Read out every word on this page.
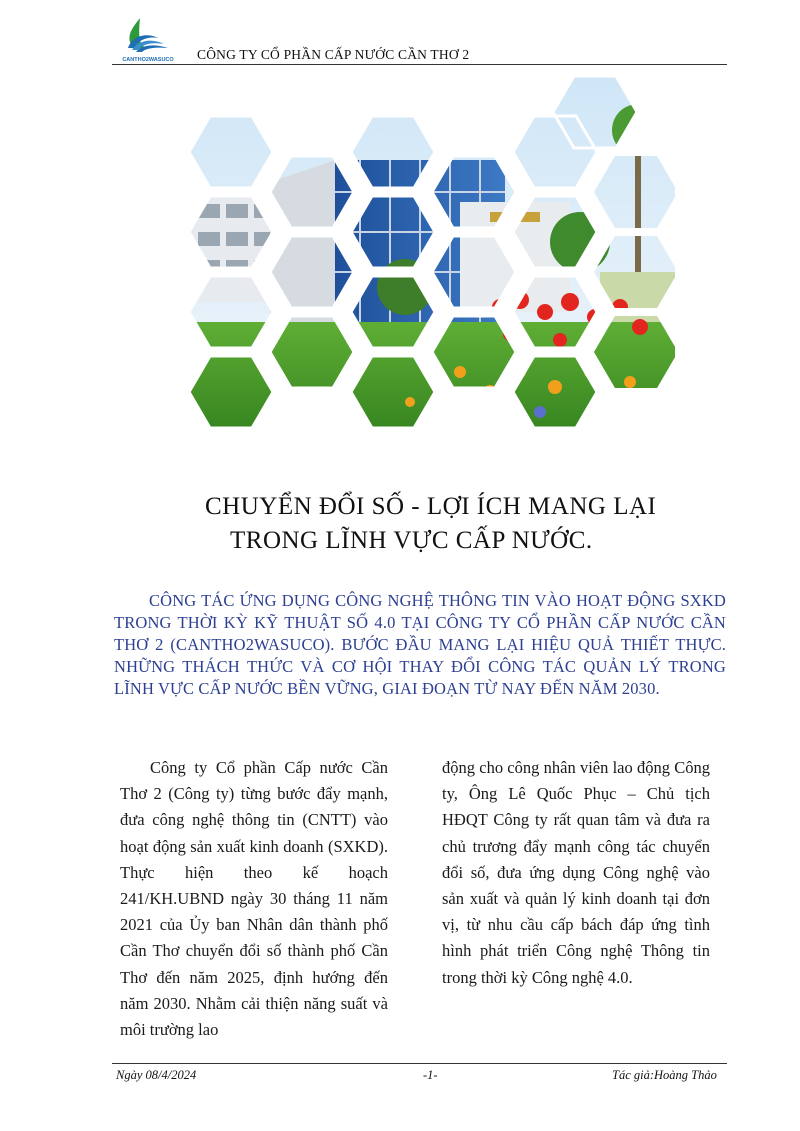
CANTHO2WASUCO CÔNG TY CỔ PHẦN CẤP NƯỚC CẦN THƠ 2
CHUYỂN ĐỔI SỐ - LỢI ÍCH MANG LẠI
TRONG LĨNH VỰC CẤP NƯỚC.
CÔNG TÁC ỨNG DỤNG CÔNG NGHỆ THÔNG TIN VÀO HOẠT ĐỘNG SXKD TRONG THỜI KỲ KỸ THUẬT SỐ 4.0 TẠI CÔNG TY CỔ PHẦN CẤP NƯỚC CẦN THƠ 2 (CANTHO2WASUCO). BƯỚC ĐẦU MANG LẠI HIỆU QUẢ THIẾT THỰC. NHỮNG THÁCH THỨC VÀ CƠ HỘI THAY ĐỔI CÔNG TÁC QUẢN LÝ TRONG LĨNH VỰC CẤP NƯỚC BỀN VỮNG, GIAI ĐOẠN TỪ NAY ĐẾN NĂM 2030.
Công ty Cổ phần Cấp nước Cần Thơ 2 (Công ty) từng bước đẩy mạnh, đưa công nghệ thông tin (CNTT) vào hoạt động sản xuất kinh doanh (SXKD). Thực hiện theo kế hoạch 241/KH.UBND ngày 30 tháng 11 năm 2021 của Ủy ban Nhân dân thành phố Cần Thơ chuyển đổi số thành phố Cần Thơ đến năm 2025, định hướng đến năm 2030. Nhằm cải thiện năng suất và môi trường lao
động cho công nhân viên lao động Công ty, Ông Lê Quốc Phục – Chủ tịch HĐQT Công ty rất quan tâm và đưa ra chủ trương đẩy mạnh công tác chuyển đổi số, đưa ứng dụng Công nghệ vào sản xuất và quản lý kinh doanh tại đơn vị, từ nhu cầu cấp bách đáp ứng tình hình phát triển Công nghệ Thông tin trong thời kỳ Công nghệ 4.0.
Ngày 08/4/2024	-1-	Tác giả:Hoàng Thảo
